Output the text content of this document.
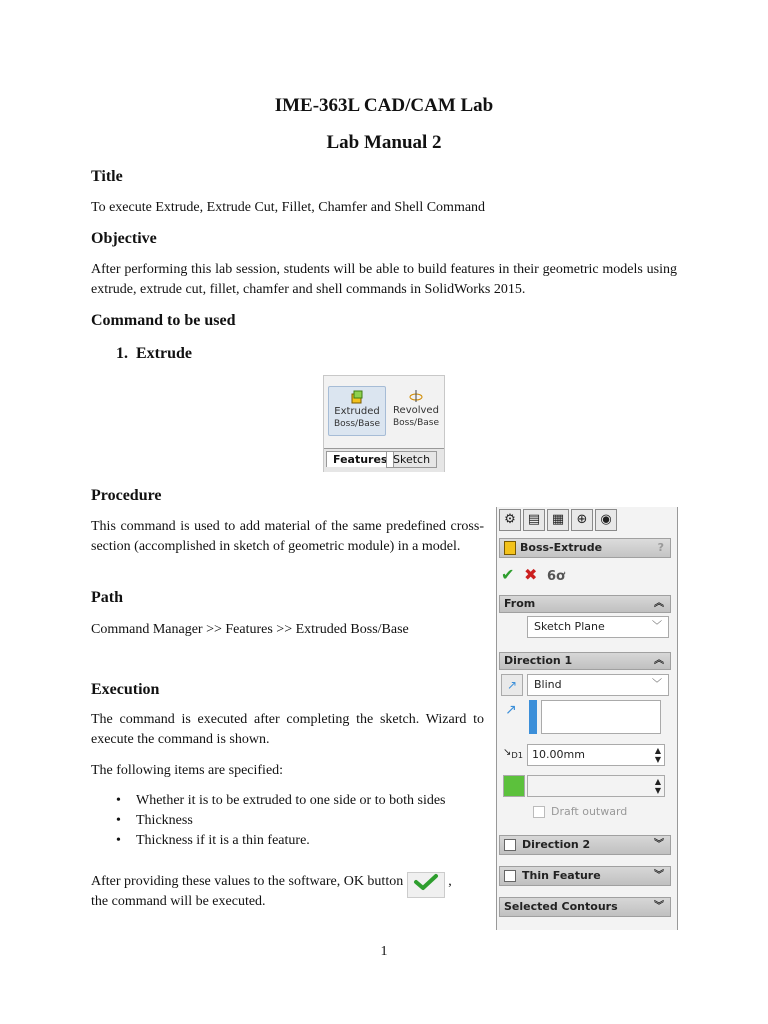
IME-363L CAD/CAM Lab
Lab Manual 2
Title
To execute Extrude, Extrude Cut, Fillet, Chamfer and Shell Command
Objective
After performing this lab session, students will be able to build features in their geometric models using extrude, extrude cut, fillet, chamfer and shell commands in SolidWorks 2015.
Command to be used
1.  Extrude
Extruded
Boss/Base
Revolved
Boss/Base
Features Sketch
Procedure
This command is used to add material of the same predefined cross-section (accomplished in sketch of geometric module) in a model.
Path
Command Manager >> Features >> Extruded Boss/Base
Execution
The command is executed after completing the sketch. Wizard to execute the command is shown.
The following items are specified:
• Whether it is to be extruded to one side or to both sides
• Thickness
• Thickness if it is a thin feature.
After providing these values to the software, OK button	,
the command will be executed.
⚙ ▤ ▦ ⊕ ◉
Boss-Extrude	?
✔ ✖ 6ơ
From	︽
Sketch Plane	﹀
Direction 1	︽
↗	Blind	﹀
↗
$↘_{D1}$ 10.00mm	▲
▼
▲
▼
Draft outward
Direction 2	︾
Thin Feature	︾
Selected Contours	︾
1
